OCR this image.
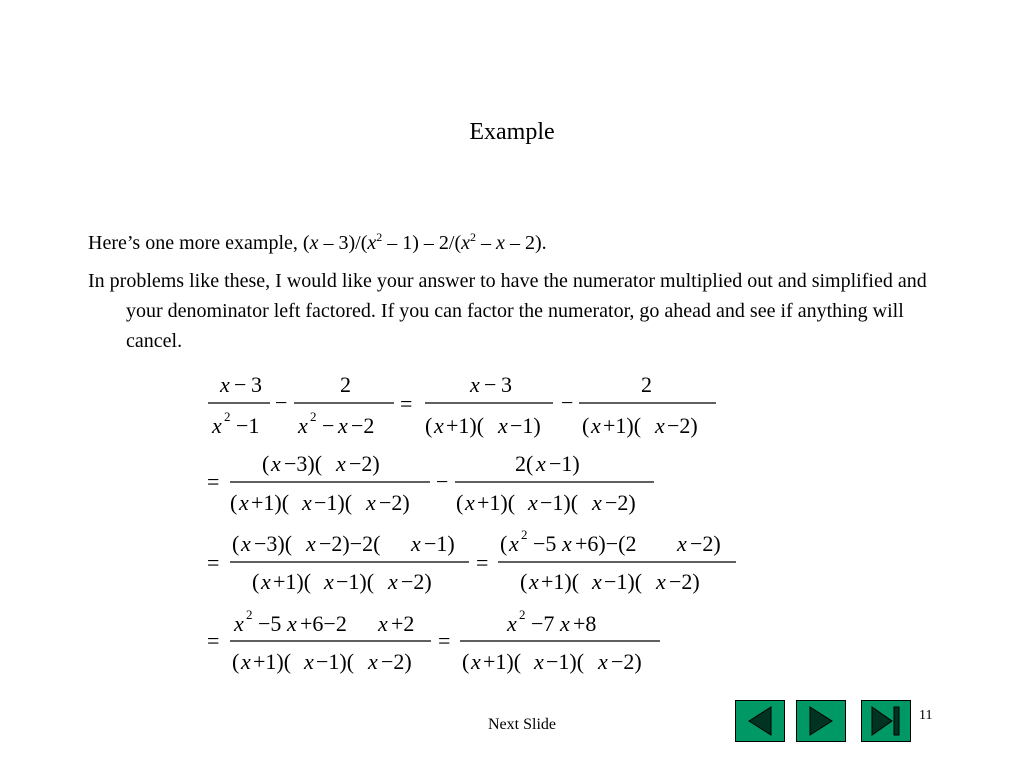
Example
Here’s one more example, $(x - 3)/(x^2 - 1) - 2/(x^2$ – x – 2).
In problems like these, I would like your answer to have the numerator multiplied out and simplified and your denominator left factored. If you can factor the numerator, go ahead and see if anything will cancel.
x − 3
x 2 −1
−
2
x 2 − x −2
=
x − 3
( x +1)( x −1)
−
2
( x +1)( x −2)
=
( x −3)( x −2)
( x +1)( x −1)( x −2)
−
2( x −1)
( x +1)( x −1)( x −2)
=
( x −3)( x −2)−2( x −1)
( x +1)( x −1)( x −2)
=
( x 2 −5 x +6)−(2 x −2)
( x +1)( x −1)( x −2)
=
x 2 −5 x +6−2 x +2
( x +1)( x −1)( x −2)
=
x 2 −7 x +8
( x +1)( x −1)( x −2)
Next Slide
11
